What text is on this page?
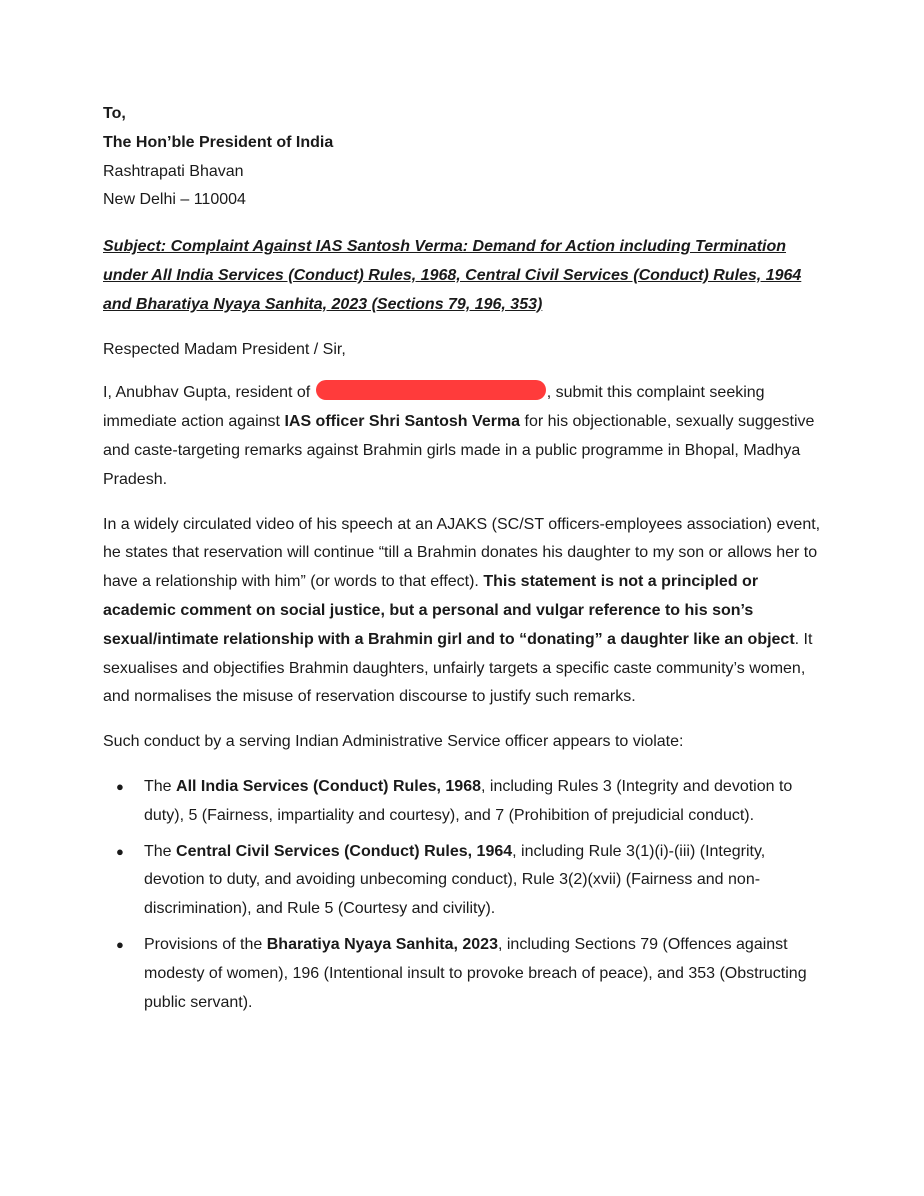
To,
The Hon’ble President of India
Rashtrapati Bhavan
New Delhi – 110004
Subject: Complaint Against IAS Santosh Verma: Demand for Action including Termination under All India Services (Conduct) Rules, 1968, Central Civil Services (Conduct) Rules, 1964 and Bharatiya Nyaya Sanhita, 2023 (Sections 79, 196, 353)

Respected Madam President / Sir,

I, Anubhav Gupta, resident of	, submit this complaint seeking immediate action against IAS officer Shri Santosh Verma for his objectionable, sexually suggestive and caste-targeting remarks against Brahmin girls made in a public programme in Bhopal, Madhya Pradesh.

In a widely circulated video of his speech at an AJAKS (SC/ST officers-employees association) event, he states that reservation will continue “till a Brahmin donates his daughter to my son or allows her to have a relationship with him” (or words to that effect). This statement is not a principled or academic comment on social justice, but a personal and vulgar reference to his son’s sexual/intimate relationship with a Brahmin girl and to “donating” a daughter like an object. It sexualises and objectifies Brahmin daughters, unfairly targets a specific caste community’s women, and normalises the misuse of reservation discourse to justify such remarks.

Such conduct by a serving Indian Administrative Service officer appears to violate:

● The All India Services (Conduct) Rules, 1968, including Rules 3 (Integrity and devotion to duty), 5 (Fairness, impartiality and courtesy), and 7 (Prohibition of prejudicial conduct).
● The Central Civil Services (Conduct) Rules, 1964, including Rule 3(1)(i)-(iii) (Integrity, devotion to duty, and avoiding unbecoming conduct), Rule 3(2)(xvii) (Fairness and non-discrimination), and Rule 5 (Courtesy and civility).
● Provisions of the Bharatiya Nyaya Sanhita, 2023, including Sections 79 (Offences against modesty of women), 196 (Intentional insult to provoke breach of peace), and 353 (Obstructing public servant).
